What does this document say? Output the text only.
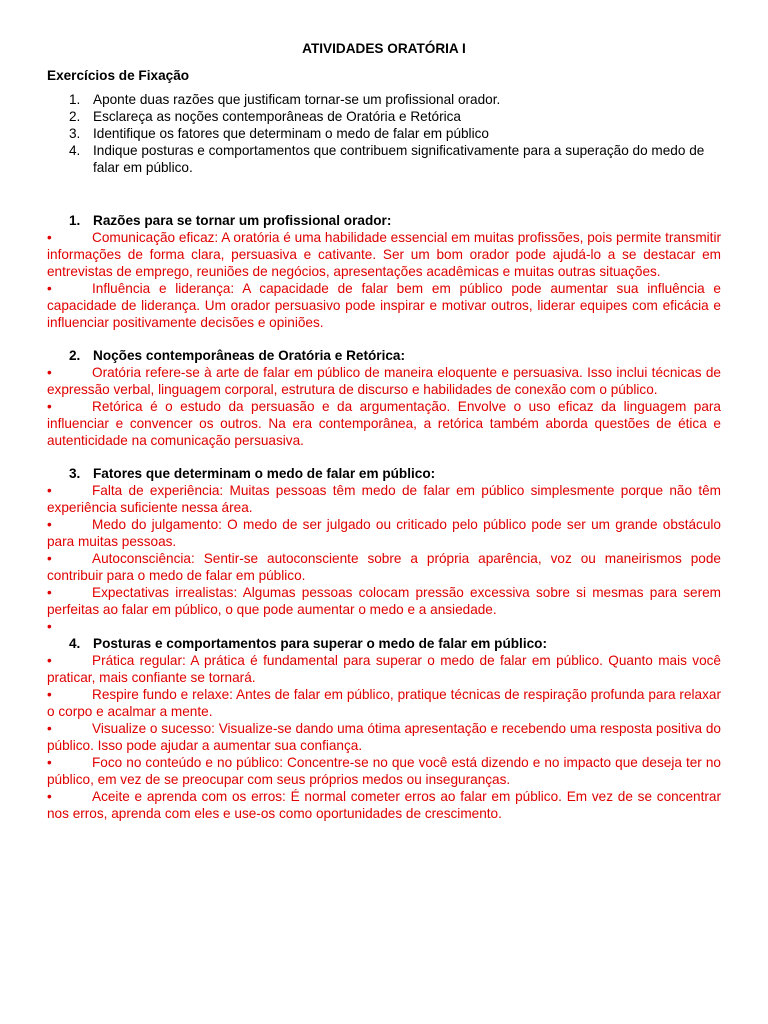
ATIVIDADES ORATÓRIA I

Exercícios de Fixação

1. Aponte duas razões que justificam tornar-se um profissional orador.
2. Esclareça as noções contemporâneas de Oratória e Retórica
3. Identifique os fatores que determinam o medo de falar em público
4. Indique posturas e comportamentos que contribuem significativamente para a superação do medo de falar em público.

1. Razões para se tornar um profissional orador:

•	Comunicação eficaz: A oratória é uma habilidade essencial em muitas profissões, pois permite transmitir informações de forma clara, persuasiva e cativante. Ser um bom orador pode ajudá-lo a se destacar em entrevistas de emprego, reuniões de negócios, apresentações acadêmicas e muitas outras situações.

•	Influência e liderança: A capacidade de falar bem em público pode aumentar sua influência e capacidade de liderança. Um orador persuasivo pode inspirar e motivar outros, liderar equipes com eficácia e influenciar positivamente decisões e opiniões.

2. Noções contemporâneas de Oratória e Retórica:

•	Oratória refere-se à arte de falar em público de maneira eloquente e persuasiva. Isso inclui técnicas de expressão verbal, linguagem corporal, estrutura de discurso e habilidades de conexão com o público.

•	Retórica é o estudo da persuasão e da argumentação. Envolve o uso eficaz da linguagem para influenciar e convencer os outros. Na era contemporânea, a retórica também aborda questões de ética e autenticidade na comunicação persuasiva.

3. Fatores que determinam o medo de falar em público:

•	Falta de experiência: Muitas pessoas têm medo de falar em público simplesmente porque não têm experiência suficiente nessa área.

•	Medo do julgamento: O medo de ser julgado ou criticado pelo público pode ser um grande obstáculo para muitas pessoas.

•	Autoconsciência: Sentir-se autoconsciente sobre a própria aparência, voz ou maneirismos pode contribuir para o medo de falar em público.

•	Expectativas irrealistas: Algumas pessoas colocam pressão excessiva sobre si mesmas para serem perfeitas ao falar em público, o que pode aumentar o medo e a ansiedade.

•

4. Posturas e comportamentos para superar o medo de falar em público:

•	Prática regular: A prática é fundamental para superar o medo de falar em público. Quanto mais você praticar, mais confiante se tornará.

•	Respire fundo e relaxe: Antes de falar em público, pratique técnicas de respiração profunda para relaxar o corpo e acalmar a mente.

•	Visualize o sucesso: Visualize-se dando uma ótima apresentação e recebendo uma resposta positiva do público. Isso pode ajudar a aumentar sua confiança.

•	Foco no conteúdo e no público: Concentre-se no que você está dizendo e no impacto que deseja ter no público, em vez de se preocupar com seus próprios medos ou inseguranças.

•	Aceite e aprenda com os erros: É normal cometer erros ao falar em público. Em vez de se concentrar nos erros, aprenda com eles e use-os como oportunidades de crescimento.
